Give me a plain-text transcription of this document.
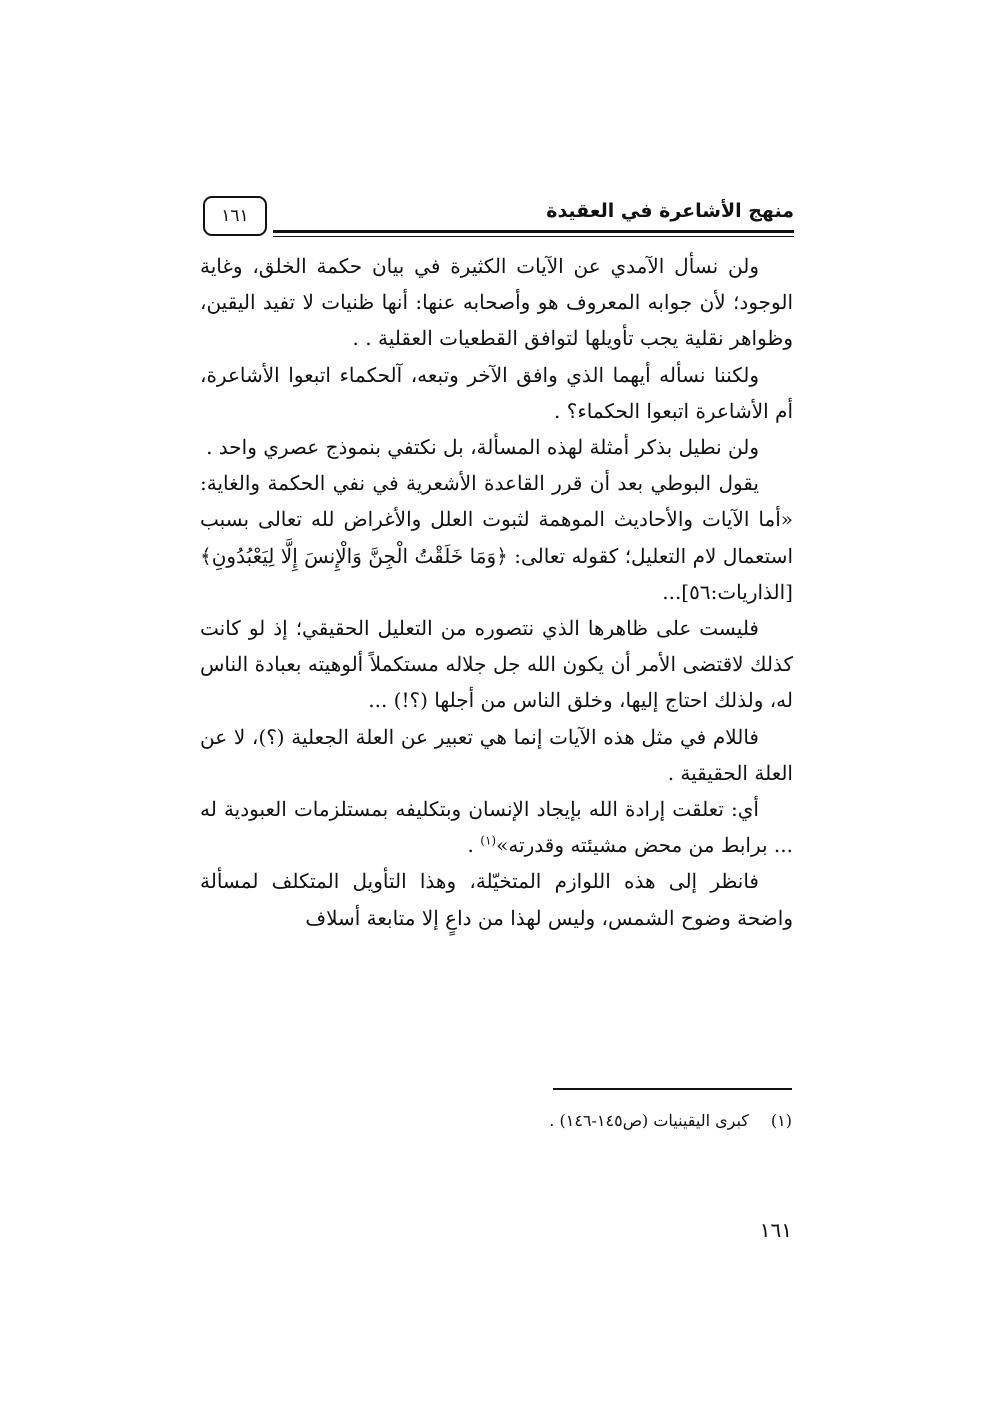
١٦١	منهج الأشاعرة في العقيدة

ولن نسأل الآمدي عن الآيات الكثيرة في بيان حكمة الخلق، وغاية الوجود؛ لأن جوابه المعروف هو وأصحابه عنها: أنها ظنيات لا تفيد اليقين، وظواهر نقلية يجب تأويلها لتوافق القطعيات العقلية . .

ولكننا نسأله أيهما الذي وافق الآخر وتبعه، آلحكماء اتبعوا الأشاعرة، أم الأشاعرة اتبعوا الحكماء؟ .

ولن نطيل بذكر أمثلة لهذه المسألة، بل نكتفي بنموذج عصري واحد .

يقول البوطي بعد أن قرر القاعدة الأشعرية في نفي الحكمة والغاية: «أما الآيات والأحاديث الموهمة لثبوت العلل والأغراض لله تعالى بسبب استعمال لام التعليل؛ كقوله تعالى: ﴿وَمَا خَلَقْتُ الْجِنَّ وَالْإِنسَ إِلَّا لِيَعْبُدُونِ﴾ [الذاريات:٥٦]...

فليست على ظاهرها الذي نتصوره من التعليل الحقيقي؛ إذ لو كانت كذلك لاقتضى الأمر أن يكون الله جل جلاله مستكملاً ألوهيته بعبادة الناس له، ولذلك احتاج إليها، وخلق الناس من أجلها (؟!) ...

فاللام في مثل هذه الآيات إنما هي تعبير عن العلة الجعلية (؟)، لا عن العلة الحقيقية .

أي: تعلقت إرادة الله بإيجاد الإنسان وبتكليفه بمستلزمات العبودية له ... برابط من محض مشيئته وقدرته»$^{(١)}$ .

فانظر إلى هذه اللوازم المتخيّلة، وهذا التأويل المتكلف لمسألة واضحة وضوح الشمس، وليس لهذا من داعٍ إلا متابعة أسلاف

(١)كبرى اليقينيات (ص١٤٥-١٤٦) .
١٦١
